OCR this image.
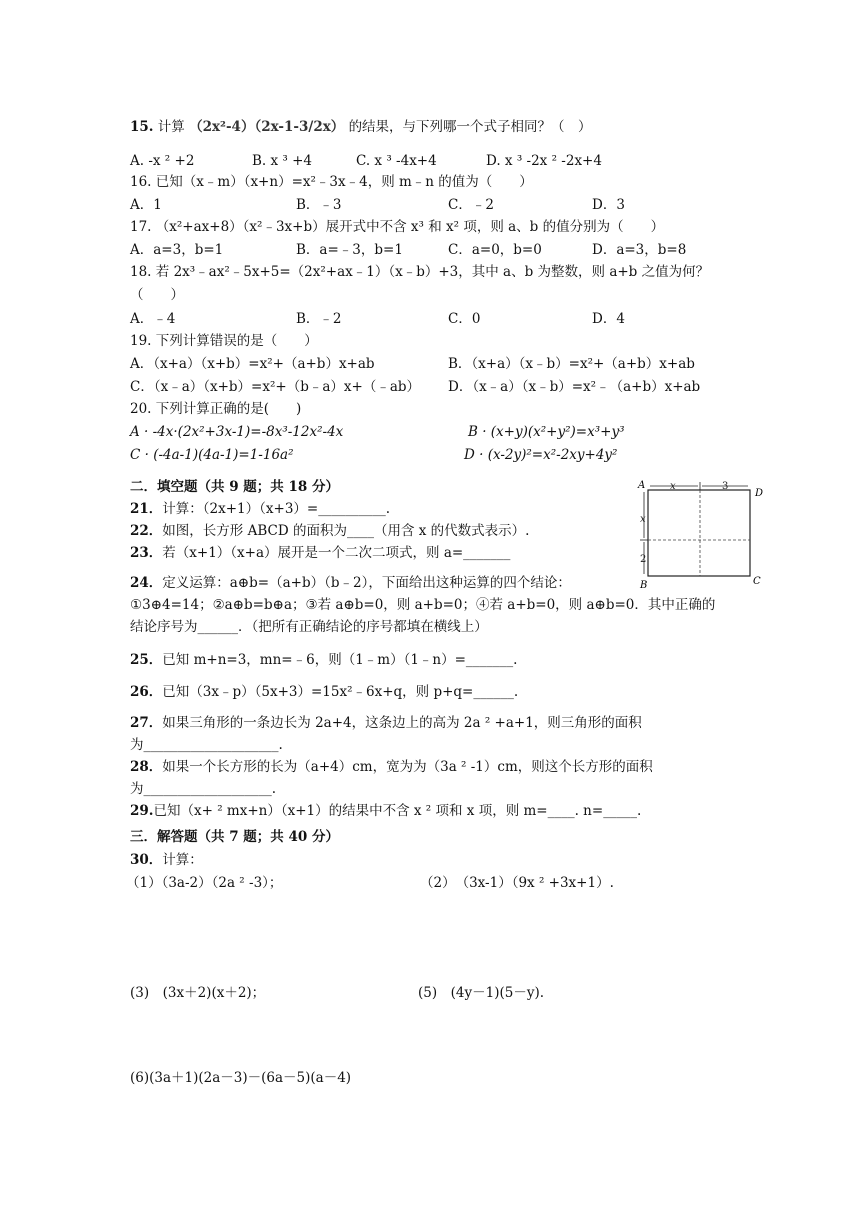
15. 计算 （2x²-4）（2x-1-3/2x） 的结果，与下列哪一个式子相同？（　）
A. -x ² +2	B. x ³ +4	C. x ³ -4x+4	D. x ³ -2x ² -2x+4
16. 已知（x﹣m）（x+n）=x²﹣3x﹣4，则 m﹣n 的值为（　　）
A．1	B．﹣3	C．﹣2	D．3
17. （x²+ax+8）（x²﹣3x+b）展开式中不含 x³ 和 x² 项，则 a、b 的值分别为（　　）
A．a=3，b=1	B．a=﹣3，b=1	C．a=0，b=0	D．a=3，b=8
18. 若 2x³﹣ax²﹣5x+5=（2x²+ax﹣1）（x﹣b）+3，其中 a、b 为整数，则 a+b 之值为何？
（　　）
A．﹣4	B．﹣2	C．0	D．4
19. 下列计算错误的是（　　）
A．（x+a）（x+b）=x²+（a+b）x+ab	B．（x+a）（x﹣b）=x²+（a+b）x+ab
C．（x﹣a）（x+b）=x²+（b﹣a）x+（﹣ab） D．（x﹣a）（x﹣b）=x²﹣（a+b）x+ab
20. 下列计算正确的是(　　)
A · -4x·(2x²+3x-1)=-8x³-12x²-4x	B · (x+y)(x²+y²)=x³+y³
C · (-4a-1)(4a-1)=1-16a²	D · (x-2y)²=x²-2xy+4y²
二．填空题（共 9 题；共 18 分）
21．计算：（2x+1）（x+3）=__________.
22．如图，长方形 ABCD 的面积为____（用含 x 的代数式表示）.
23．若（x+1）（x+a）展开是一个二次二项式，则 a=_______
24．定义运算：a⊕b=（a+b）（b﹣2），下面给出这种运算的四个结论：
①3⊕4=14；②a⊕b=b⊕a；③若 a⊕b=0，则 a+b=0；④若 a+b=0，则 a⊕b=0．其中正确的
结论序号为______．（把所有正确结论的序号都填在横线上）
25．已知 m+n=3，mn=﹣6，则（1﹣m）（1﹣n）=_______.
26．已知（3x﹣p）（5x+3）=15x²﹣6x+q，则 p+q=______.
27．如果三角形的一条边长为 2a+4，这条边上的高为 2a ² +a+1，则三角形的面积
为____________________.
28．如果一个长方形的长为（a+4）cm，宽为为（3a ² -1）cm，则这个长方形的面积
为___________________.
29.已知（x+ ² mx+n）（x+1）的结果中不含 x ² 项和 x 项，则 m=____. n=_____.
三．解答题（共 7 题；共 40 分）
30．计算：
（1）（3a-2）（2a ² -3）；	（2）　（3x-1）（9x ² +3x+1）.
(3)　(3x＋2)(x＋2)；	(5)　(4y－1)(5－y).
(6)(3a＋1)(2a－3)－(6a－5)(a－4)
A
D
B	C
x	3
x
2
